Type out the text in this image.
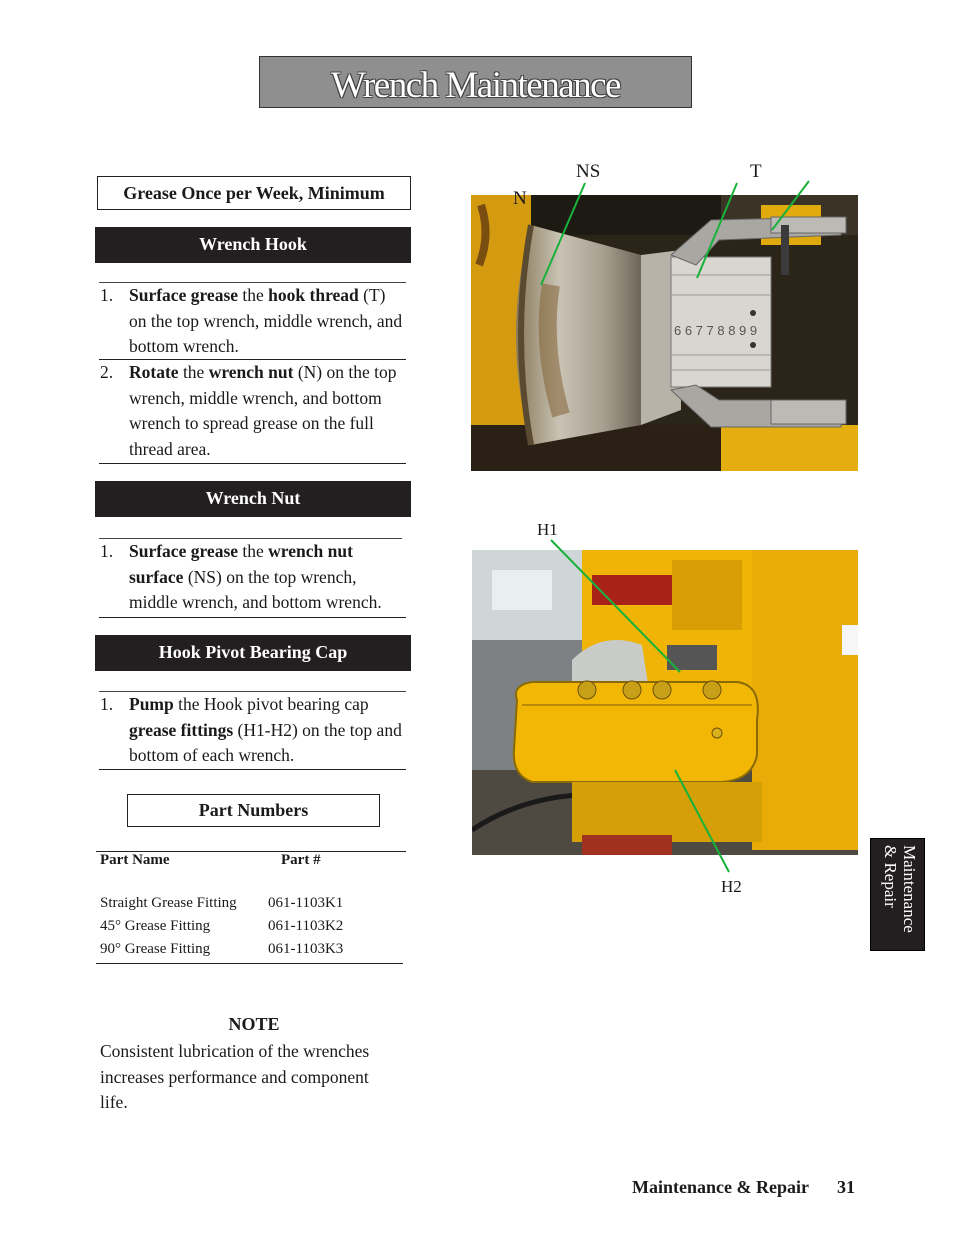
Wrench Maintenance
Grease Once per Week, Minimum
Wrench Hook
1. Surface grease the hook thread (T) on the top wrench, middle wrench, and bottom wrench.
2. Rotate the wrench nut (N) on the top wrench, middle wrench, and bottom wrench to spread grease on the full thread area.
Wrench Nut
1. Surface grease the wrench nut surface (NS) on the top wrench, middle wrench, and bottom wrench.
Hook Pivot Bearing Cap
1. Pump the Hook pivot bearing cap grease fittings (H1-H2) on the top and bottom of each wrench.
Part Numbers
Part Name	Part #
Straight Grease Fitting 061-1103K1
45° Grease Fitting	061-1103K2
90° Grease Fitting	061-1103K3
NOTE
Consistent lubrication of the wrenches increases performance and component life.
6 6 7 7 8 8 9 9
NS	T
N
H1
H2	Maintenance
& Repair
Maintenance & Repair 31
